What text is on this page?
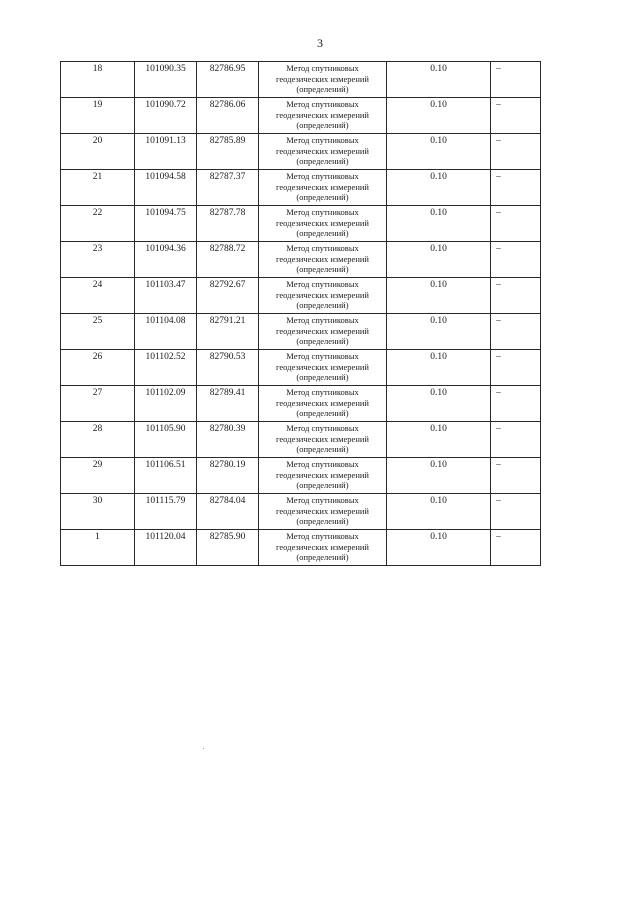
3
18	101090.35	82786.95	Метод спутниковых
геодезических измерений
(определений)	0.10	–
19	101090.72	82786.06	Метод спутниковых
геодезических измерений
(определений)	0.10	–
20	101091.13	82785.89	Метод спутниковых
геодезических измерений
(определений)	0.10	–
21	101094.58	82787.37	Метод спутниковых
геодезических измерений
(определений)	0.10	–
22	101094.75	82787.78	Метод спутниковых
геодезических измерений
(определений)	0.10	–
23	101094.36	82788.72	Метод спутниковых
геодезических измерений
(определений)	0.10	–
24	101103.47	82792.67	Метод спутниковых
геодезических измерений
(определений)	0.10	–
25	101104.08	82791.21	Метод спутниковых
геодезических измерений
(определений)	0.10	–
26	101102.52	82790.53	Метод спутниковых
геодезических измерений
(определений)	0.10	–
27	101102.09	82789.41	Метод спутниковых
геодезических измерений
(определений)	0.10	–
28	101105.90	82780.39	Метод спутниковых
геодезических измерений
(определений)	0.10	–
29	101106.51	82780.19	Метод спутниковых
геодезических измерений
(определений)	0.10	–
30	101115.79	82784.04	Метод спутниковых
геодезических измерений
(определений)	0.10	–
1	101120.04	82785.90	Метод спутниковых
геодезических измерений
(определений)	0.10	–
